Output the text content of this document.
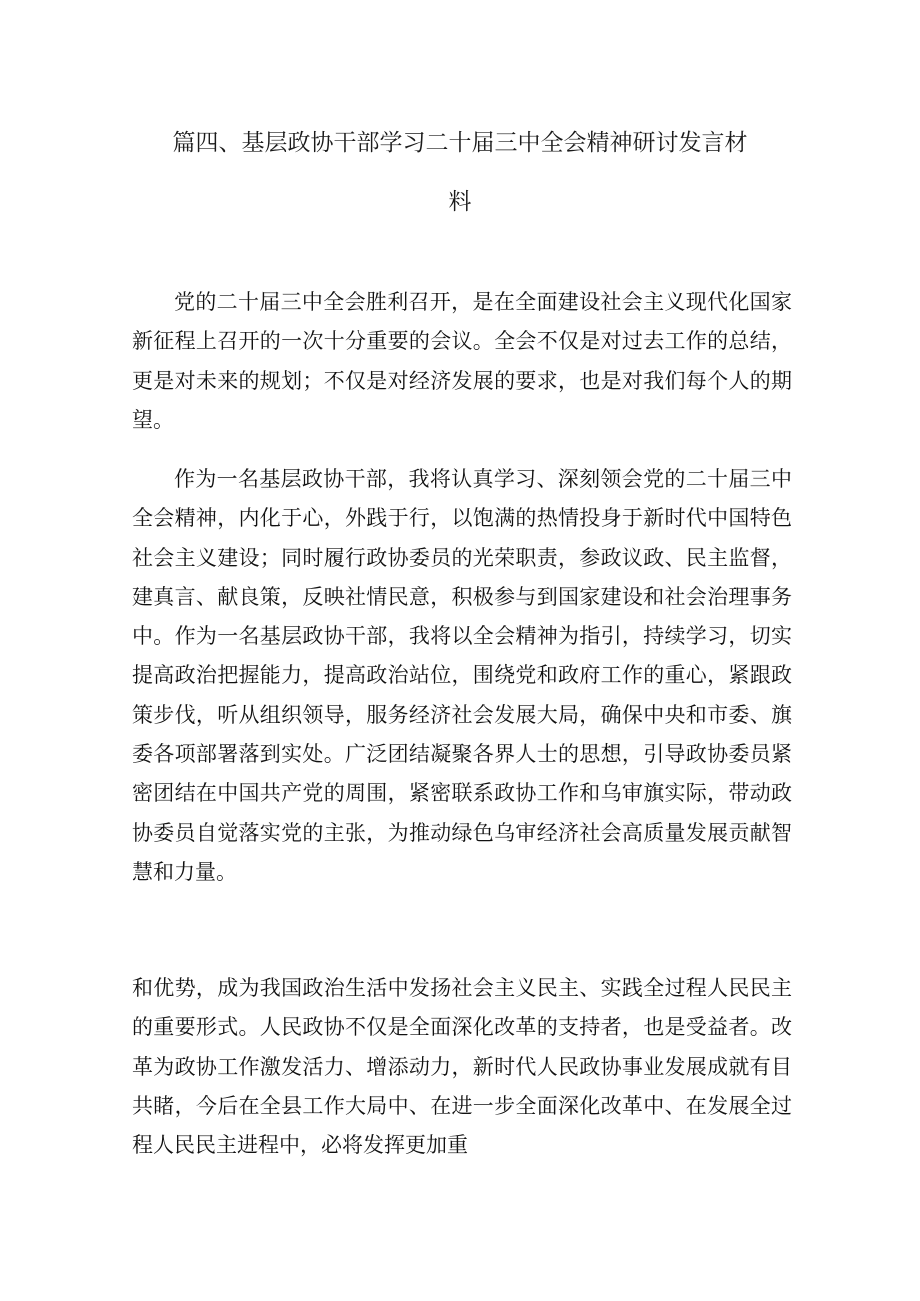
篇四、基层政协干部学习二十届三中全会精神研讨发言材
料

党的二十届三中全会胜利召开，是在全面建设社会主义现代化国家新征程上召开的一次十分重要的会议。全会不仅是对过去工作的总结，更是对未来的规划；不仅是对经济发展的要求，也是对我们每个人的期望。

作为一名基层政协干部，我将认真学习、深刻领会党的二十届三中全会精神，内化于心，外践于行，以饱满的热情投身于新时代中国特色社会主义建设；同时履行政协委员的光荣职责，参政议政、民主监督，建真言、献良策，反映社情民意，积极参与到国家建设和社会治理事务中。作为一名基层政协干部，我将以全会精神为指引，持续学习，切实提高政治把握能力，提高政治站位，围绕党和政府工作的重心，紧跟政策步伐，听从组织领导，服务经济社会发展大局，确保中央和市委、旗委各项部署落到实处。广泛团结凝聚各界人士的思想，引导政协委员紧密团结在中国共产党的周围，紧密联系政协工作和乌审旗实际，带动政协委员自觉落实党的主张，为推动绿色乌审经济社会高质量发展贡献智慧和力量。

和优势，成为我国政治生活中发扬社会主义民主、实践全过程人民民主的重要形式。人民政协不仅是全面深化改革的支持者，也是受益者。改革为政协工作激发活力、增添动力，新时代人民政协事业发展成就有目共睹，今后在全县工作大局中、在进一步全面深化改革中、在发展全过程人民民主进程中，必将发挥更加重
